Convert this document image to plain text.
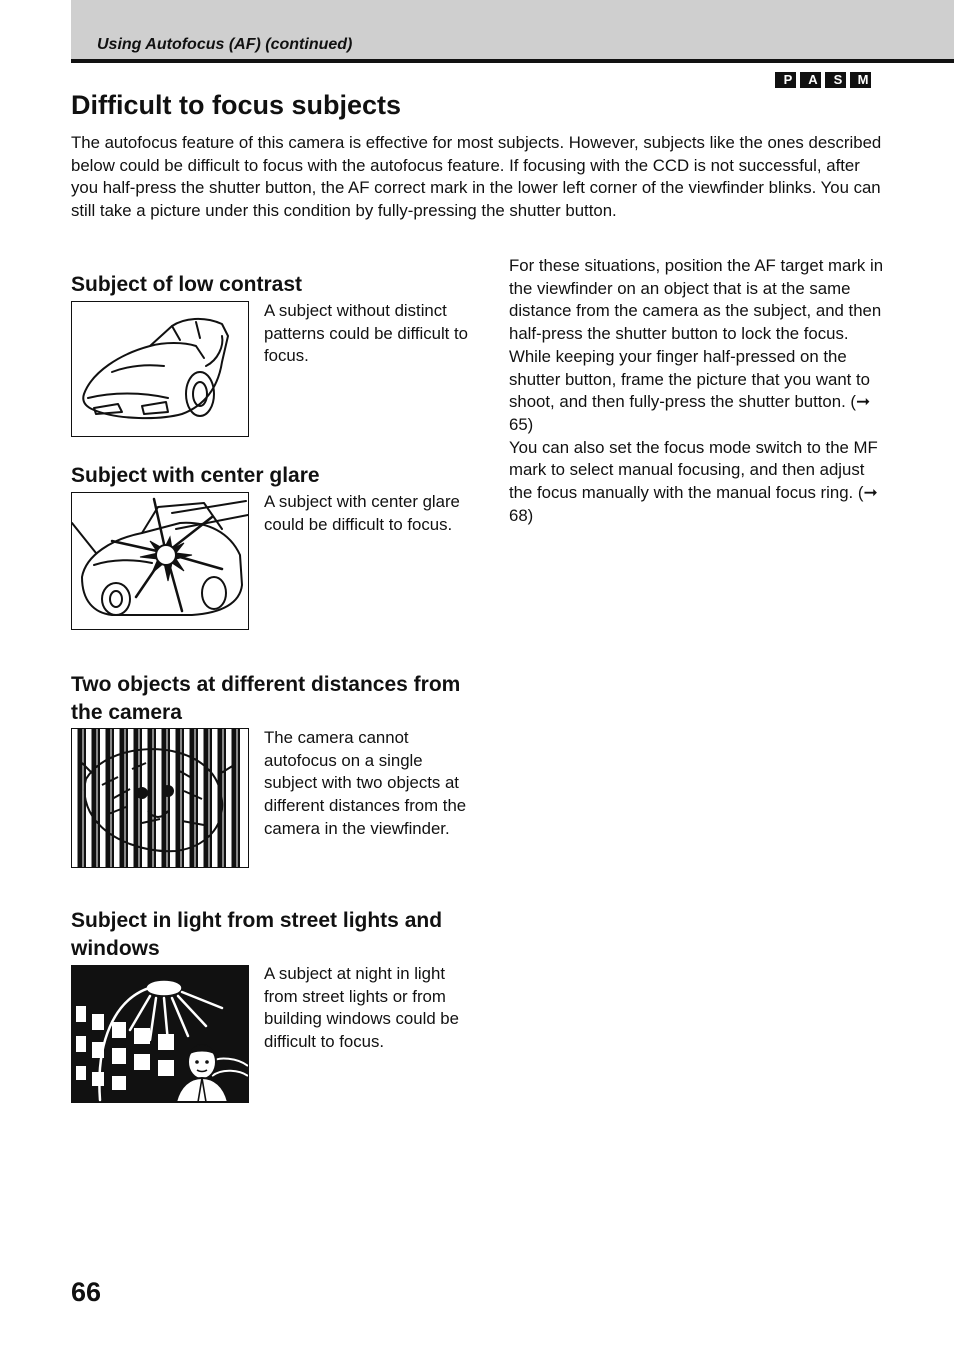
Using Autofocus (AF) (continued)

P	A	S	M
Difficult to focus subjects

The autofocus feature of this camera is effective for most subjects. However, subjects like the ones described below could be difficult to focus with the autofocus feature. If focusing with the CCD is not successful, after you half-press the shutter button, the AF correct mark in the lower left corner of the viewfinder blinks. You can still take a picture under this condition by fully-pressing the shutter button.

Subject of low contrast

A subject without distinct patterns could be difficult to focus.

Subject with center glare

A subject with center glare could be difficult to focus.

Two objects at different distances from the camera

The camera cannot autofocus on a single subject with two objects at different distances from the camera in the viewfinder.

Subject in light from street lights and windows

A subject at night in light from street lights or from building windows could be difficult to focus.

For these situations, position the AF target mark in the viewfinder on an object that is at the same distance from the camera as the subject, and then half-press the shutter button to lock the focus. While keeping your finger half-pressed on the shutter button, frame the picture that you want to shoot, and then fully-press the shutter button. (➞ 65)

You can also set the focus mode switch to the MF mark to select manual focusing, and then adjust the focus manually with the manual focus ring. (➞ 68)

66
